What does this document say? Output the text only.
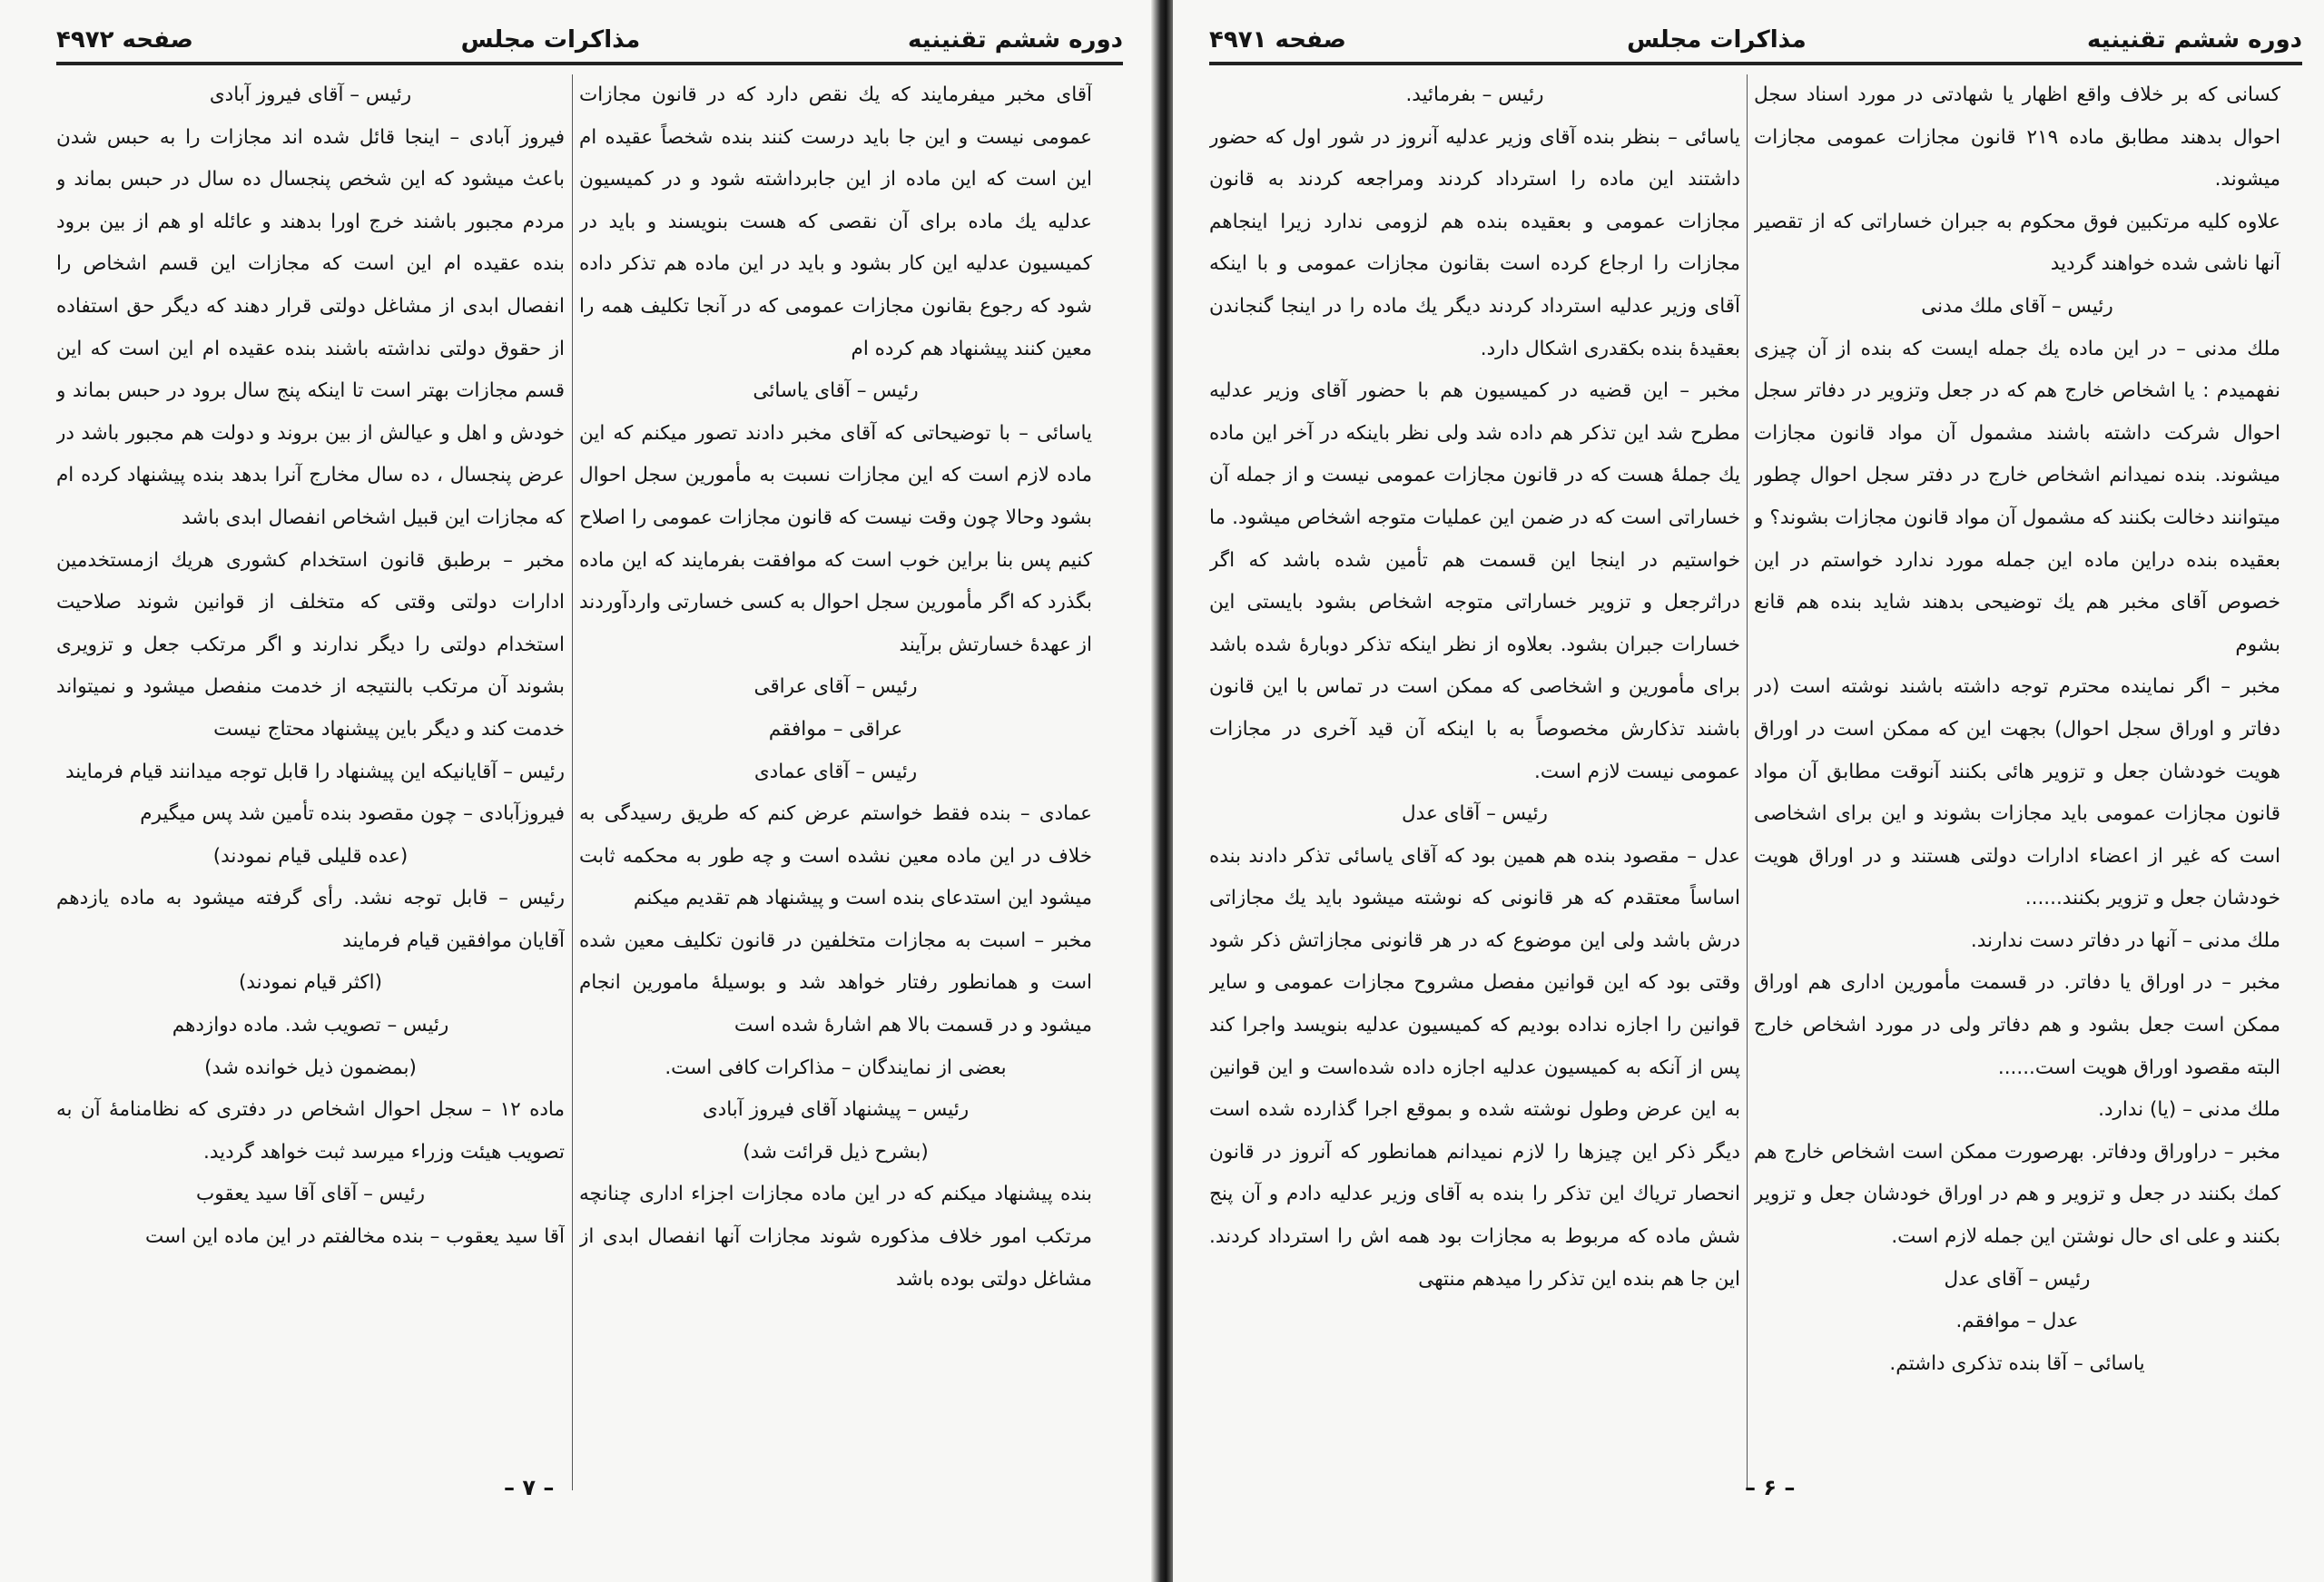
دوره ششم تقنينيه
مذاكرات مجلس
صفحه ۴۹۷۲

آقای مخبر میفرمایند كه یك نقص دارد كه در قانون مجازات عمومی نیست و این جا باید درست كنند بنده شخصاً عقیده ام این است كه این ماده از این جابرداشته شود و در كمیسیون عدلیه یك ماده برای آن نقصی كه هست بنویسند و باید در كمیسیون عدلیه این كار بشود و باید در این ماده هم تذكر داده شود كه رجوع بقانون مجازات عمومی كه در آنجا تكلیف همه را معین كنند پیشنهاد هم كرده ام

رئیس – آقای یاسائی

یاسائی – با توضیحاتی كه آقای مخبر دادند تصور میكنم كه این ماده لازم است كه این مجازات نسبت به مأمورین سجل احوال بشود وحالا چون وقت نیست كه قانون مجازات عمومی را اصلاح كنیم پس بنا براین خوب است كه موافقت بفرمایند كه این ماده بگذرد كه اگر مأمورین سجل احوال به كسی خسارتی واردآوردند از عهدهٔ خسارتش برآیند

رئیس – آقای عراقی

عراقی – موافقم

رئیس – آقای عمادی

عمادی – بنده فقط خواستم عرض كنم كه طریق رسیدگی به خلاف در این ماده معین نشده است و چه طور به محكمه ثابت میشود این استدعای بنده است و پیشنهاد هم تقدیم میكنم

مخبر – اسبت به مجازات متخلفین در قانون تكلیف معین شده است و همانطور رفتار خواهد شد و بوسیلهٔ مامورین انجام میشود و در قسمت بالا هم اشارهٔ شده است

بعضی از نمایندگان – مذاكرات كافی است.

رئیس – پیشنهاد آقای فیروز آبادی

(بشرح ذیل قرائت شد)

بنده پیشنهاد میكنم كه در این ماده مجازات اجزاء اداری چنانچه مرتكب امور خلاف مذكوره شوند مجازات آنها انفصال ابدی از مشاغل دولتی بوده باشد

رئیس – آقای فیروز آبادی

فیروز آبادی – اینجا قائل شده اند مجازات را به حبس شدن باعث میشود كه این شخص پنجسال ده سال در حبس بماند و مردم مجبور باشند خرج اورا بدهند و عائله او هم از بین برود بنده عقیده ام این است كه مجازات این قسم اشخاص را انفصال ابدی از مشاغل دولتی قرار دهند كه دیگر حق استفاده از حقوق دولتی نداشته باشند بنده عقیده ام این است كه این قسم مجازات بهتر است تا اینكه پنج سال برود در حبس بماند و خودش و اهل و عیالش از بین بروند و دولت هم مجبور باشد در عرض پنجسال ، ده سال مخارج آنرا بدهد بنده پیشنهاد كرده ام كه مجازات این قبیل اشخاص انفصال ابدی باشد

مخبر – برطبق قانون استخدام كشوری هریك ازمستخدمین ادارات دولتی وقتی كه متخلف از قوانین شوند صلاحیت استخدام دولتی را دیگر ندارند و اگر مرتكب جعل و تزویری بشوند آن مرتكب بالنتیجه از خدمت منفصل میشود و نمیتواند خدمت كند و دیگر باین پیشنهاد محتاج نیست

رئیس – آقایانیكه این پیشنهاد را قابل توجه میدانند قیام فرمایند

فیروزآبادی – چون مقصود بنده تأمین شد پس میگیرم

(عده قلیلی قیام نمودند)

رئیس – قابل توجه نشد. رأی گرفته میشود به ماده یازدهم آقایان موافقین قیام فرمایند

(اكثر قیام نمودند)

رئیس – تصویب شد. ماده دوازدهم

(بمضمون ذیل خوانده شد)

ماده ۱۲ – سجل احوال اشخاص در دفتری كه نظامنامهٔ آن به تصویب هیئت وزراء میرسد ثبت خواهد گردید.

رئیس – آقای آقا سید یعقوب

آقا سید یعقوب – بنده مخالفتم در این ماده این است

– ۷ –
دوره ششم تقنینیه
مذاكرات مجلس
صفحه ۴۹۷۱

كسانی كه بر خلاف واقع اظهار یا شهادتی در مورد اسناد سجل احوال بدهند مطابق ماده ۲۱۹ قانون مجازات عمومی مجازات میشوند.

علاوه كلیه مرتكبین فوق محكوم به جبران خساراتی كه از تقصیر آنها ناشی شده خواهند گردید

رئیس – آقای ملك مدنی

ملك مدنی – در این ماده یك جمله ایست كه بنده از آن چیزی نفهمیدم : یا اشخاص خارج هم كه در جعل وتزویر در دفاتر سجل احوال شركت داشته باشند مشمول آن مواد قانون مجازات میشوند. بنده نمیدانم اشخاص خارج در دفتر سجل احوال چطور میتوانند دخالت بكنند كه مشمول آن مواد قانون مجازات بشوند؟ و بعقیده بنده دراین ماده این جمله مورد ندارد خواستم در این خصوص آقای مخبر هم یك توضیحی بدهند شاید بنده هم قانع بشوم

مخبر – اگر نماینده محترم توجه داشته باشند نوشته است (در دفاتر و اوراق سجل احوال) بجهت این كه ممكن است در اوراق هویت خودشان جعل و تزویر هائی بكنند آنوقت مطابق آن مواد قانون مجازات عمومی باید مجازات بشوند و این برای اشخاصی است كه غیر از اعضاء ادارات دولتی هستند و در اوراق هویت خودشان جعل و تزویر بكنند......

ملك مدنی – آنها در دفاتر دست ندارند.

مخبر – در اوراق یا دفاتر. در قسمت مأمورین اداری هم اوراق ممكن است جعل بشود و هم دفاتر ولی در مورد اشخاص خارج البته مقصود اوراق هویت است......

ملك مدنی – (یا) ندارد.

مخبر – دراوراق ودفاتر. بهرصورت ممكن است اشخاص خارج هم كمك بكنند در جعل و تزویر و هم در اوراق خودشان جعل و تزویر بكنند و علی ای حال نوشتن این جمله لازم است.

رئیس – آقای عدل

عدل – موافقم.

یاسائی – آقا بنده تذكری داشتم.

رئیس – بفرمائید.

یاسائی – بنظر بنده آقای وزیر عدلیه آنروز در شور اول كه حضور داشتند این ماده را استرداد كردند ومراجعه كردند به قانون مجازات عمومی و بعقیده بنده هم لزومی ندارد زیرا اینجاهم مجازات را ارجاع كرده است بقانون مجازات عمومی و با اینكه آقای وزیر عدلیه استرداد كردند دیگر یك ماده را در اینجا گنجاندن بعقیدهٔ بنده بكقدری اشكال دارد.

مخبر – این قضیه در كمیسیون هم با حضور آقای وزیر عدلیه مطرح شد این تذكر هم داده شد ولی نظر باینكه در آخر این ماده یك جملهٔ هست كه در قانون مجازات عمومی نیست و از جمله آن خساراتی است كه در ضمن این عملیات متوجه اشخاص میشود. ما خواستیم در اینجا این قسمت هم تأمین شده باشد كه اگر دراثرجعل و تزویر خساراتی متوجه اشخاص بشود بایستی این خسارات جبران بشود. بعلاوه از نظر اینكه تذكر دوبارهٔ شده باشد برای مأمورین و اشخاصی كه ممكن است در تماس با این قانون باشند تذكارش مخصوصاً به با اینكه آن قید آخری در مجازات عمومی نیست لازم است.

رئیس – آقای عدل

عدل – مقصود بنده هم همین بود كه آقای یاسائی تذكر دادند بنده اساساً معتقدم كه هر قانونی كه نوشته میشود باید یك مجازاتی درش باشد ولی این موضوع كه در هر قانونی مجازاتش ذكر شود وقتی بود كه این قوانین مفصل مشروح مجازات عمومی و سایر قوانین را اجازه نداده بودیم كه كمیسیون عدلیه بنویسد واجرا كند پس از آنكه به كمیسیون عدلیه اجازه داده شده‌است و این قوانین به این عرض وطول نوشته شده و بموقع اجرا گذارده شده است دیگر ذكر این چیزها را لازم نمیدانم همانطور كه آنروز در قانون انحصار تریاك این تذكر را بنده به آقای وزیر عدلیه دادم و آن پنج شش ماده كه مربوط به مجازات بود همه اش را استرداد كردند. این جا هم بنده این تذكر را میدهم منتهی

– ۶ –
